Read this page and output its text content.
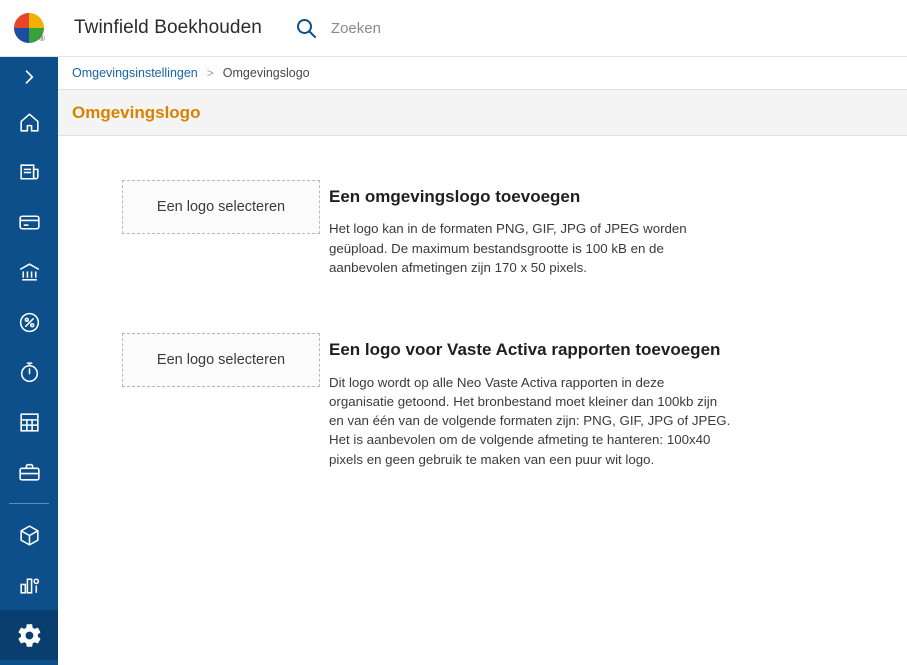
®
Twinfield Boekhouden
Zoeken
Omgevingsinstellingen > Omgevingslogo
Omgevingslogo
Een logo selecteren
Een omgevingslogo toevoegen
Het logo kan in de formaten PNG, GIF, JPG of JPEG worden geüpload. De maximum bestandsgrootte is 100 kB en de aanbevolen afmetingen zijn 170 x 50 pixels.
Een logo selecteren
Een logo voor Vaste Activa rapporten toevoegen
Dit logo wordt op alle Neo Vaste Activa rapporten in deze organisatie getoond. Het bronbestand moet kleiner dan 100kb zijn en van één van de volgende formaten zijn: PNG, GIF, JPG of JPEG. Het is aanbevolen om de volgende afmeting te hanteren: 100x40 pixels en geen gebruik te maken van een puur wit logo.
